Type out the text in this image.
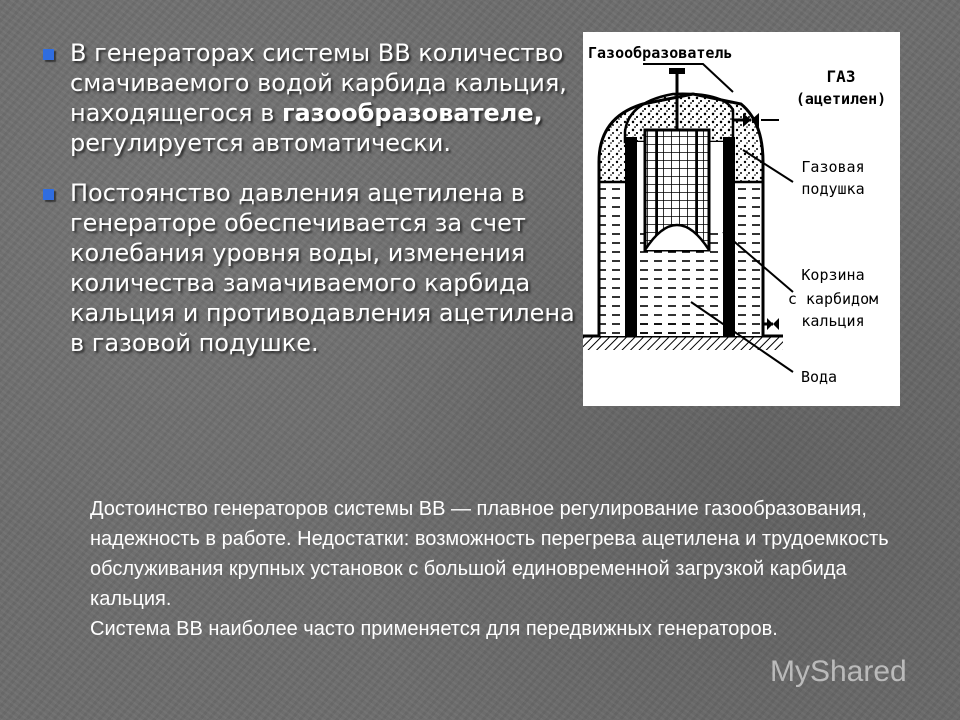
В генераторах системы ВВ количество смачиваемого водой карбида кальция, находящегося в газообразователе, регулируется автоматически.
Постоянство давления ацетилена в генераторе обеспечивается за счет колебания уровня воды, изменения количества замачиваемого карбида кальция и противодавления ацетилена в газовой подушке.
Газообразователь
ГАЗ
(ацетилен)
Газовая
подушка
Корзина
с карбидом
кальция
Вода

Достоинство генераторов системы ВВ — плавное регулирование газообразования, надежность в работе. Недостатки: возможность перегрева ацетилена и трудоемкость обслуживания крупных установок с большой единовременной загрузкой карбида кальция.

Система ВВ наиболее часто применяется для передвижных генераторов.

MyShared
